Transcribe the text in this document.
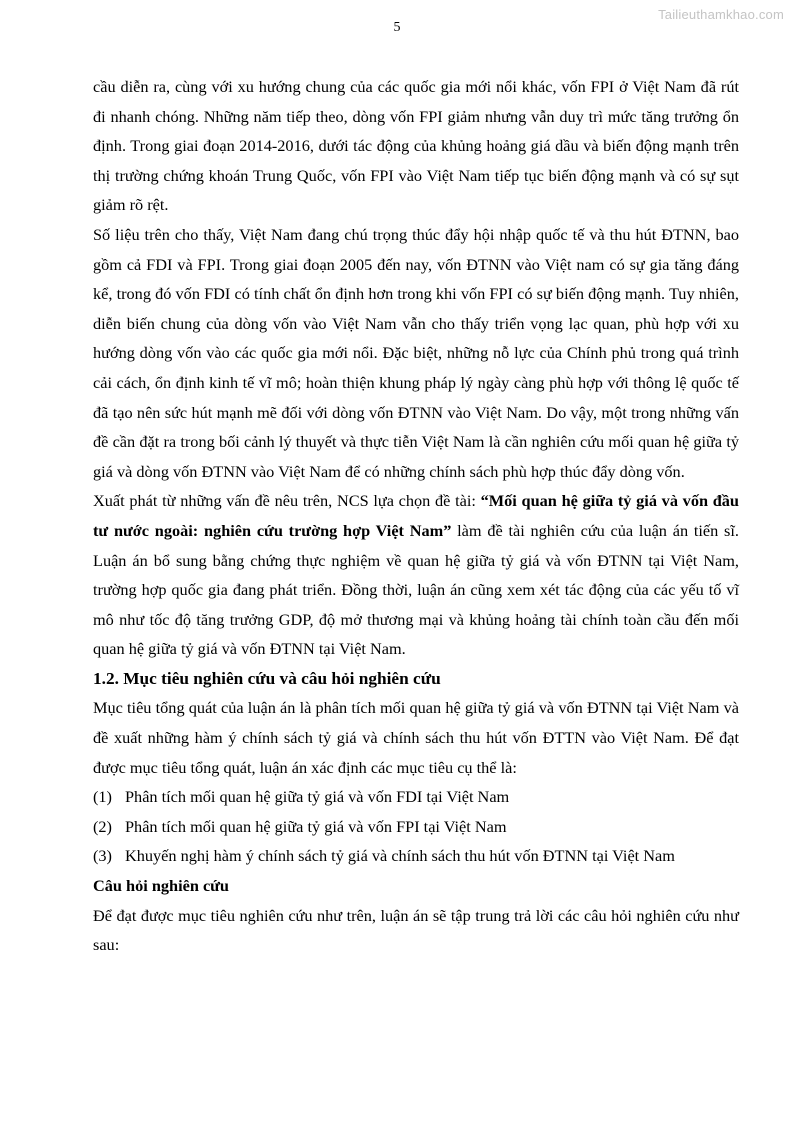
Tailieuthamkhao.com
5

cầu diễn ra, cùng với xu hướng chung của các quốc gia mới nổi khác, vốn FPI ở Việt Nam đã rút đi nhanh chóng. Những năm tiếp theo, dòng vốn FPI giảm nhưng vẫn duy trì mức tăng trưởng ổn định. Trong giai đoạn 2014-2016, dưới tác động của khủng hoảng giá dầu và biến động mạnh trên thị trường chứng khoán Trung Quốc, vốn FPI vào Việt Nam tiếp tục biến động mạnh và có sự sụt giảm rõ rệt.

Số liệu trên cho thấy, Việt Nam đang chú trọng thúc đẩy hội nhập quốc tế và thu hút ĐTNN, bao gồm cả FDI và FPI. Trong giai đoạn 2005 đến nay, vốn ĐTNN vào Việt nam có sự gia tăng đáng kể, trong đó vốn FDI có tính chất ổn định hơn trong khi vốn FPI có sự biến động mạnh. Tuy nhiên, diễn biến chung của dòng vốn vào Việt Nam vẫn cho thấy triển vọng lạc quan, phù hợp với xu hướng dòng vốn vào các quốc gia mới nổi. Đặc biệt, những nỗ lực của Chính phủ trong quá trình cải cách, ổn định kinh tế vĩ mô; hoàn thiện khung pháp lý ngày càng phù hợp với thông lệ quốc tế đã tạo nên sức hút mạnh mẽ đối với dòng vốn ĐTNN vào Việt Nam. Do vậy, một trong những vấn đề cần đặt ra trong bối cảnh lý thuyết và thực tiễn Việt Nam là cần nghiên cứu mối quan hệ giữa tỷ giá và dòng vốn ĐTNN vào Việt Nam để có những chính sách phù hợp thúc đẩy dòng vốn.

Xuất phát từ những vấn đề nêu trên, NCS lựa chọn đề tài: “Mối quan hệ giữa tỷ giá và vốn đầu tư nước ngoài: nghiên cứu trường hợp Việt Nam” làm đề tài nghiên cứu của luận án tiến sĩ. Luận án bổ sung bằng chứng thực nghiệm về quan hệ giữa tỷ giá và vốn ĐTNN tại Việt Nam, trường hợp quốc gia đang phát triển. Đồng thời, luận án cũng xem xét tác động của các yếu tố vĩ mô như tốc độ tăng trưởng GDP, độ mở thương mại và khủng hoảng tài chính toàn cầu đến mối quan hệ giữa tỷ giá và vốn ĐTNN tại Việt Nam.

1.2. Mục tiêu nghiên cứu và câu hỏi nghiên cứu

Mục tiêu tổng quát của luận án là phân tích mối quan hệ giữa tỷ giá và vốn ĐTNN tại Việt Nam và đề xuất những hàm ý chính sách tỷ giá và chính sách thu hút vốn ĐTTN vào Việt Nam. Để đạt được mục tiêu tổng quát, luận án xác định các mục tiêu cụ thể là:

(1) Phân tích mối quan hệ giữa tỷ giá và vốn FDI tại Việt Nam
(2) Phân tích mối quan hệ giữa tỷ giá và vốn FPI tại Việt Nam
(3) Khuyến nghị hàm ý chính sách tỷ giá và chính sách thu hút vốn ĐTNN tại Việt Nam

Câu hỏi nghiên cứu

Để đạt được mục tiêu nghiên cứu như trên, luận án sẽ tập trung trả lời các câu hỏi nghiên cứu như sau:
